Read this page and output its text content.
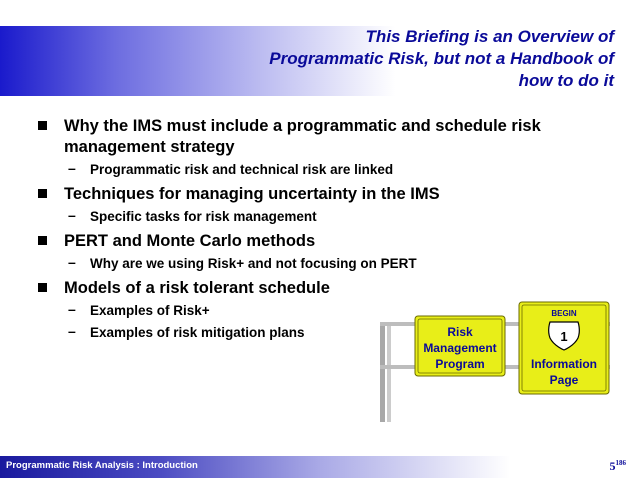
This Briefing is an Overview of
Programmatic Risk, but not a Handbook of
how to do it
Why the IMS must include a programmatic and schedule risk
management strategy
– Programmatic risk and technical risk are linked
Techniques for managing uncertainty in the IMS
– Specific tasks for risk management
PERT and Monte Carlo methods
– Why are we using Risk+ and not focusing on PERT
Models of a risk tolerant schedule
– Examples of Risk+
– Examples of risk mitigation plans	Risk
Management
Program
BEGIN
1
Information
Page
Programmatic Risk Analysis : Introduction	$5^{186}$
